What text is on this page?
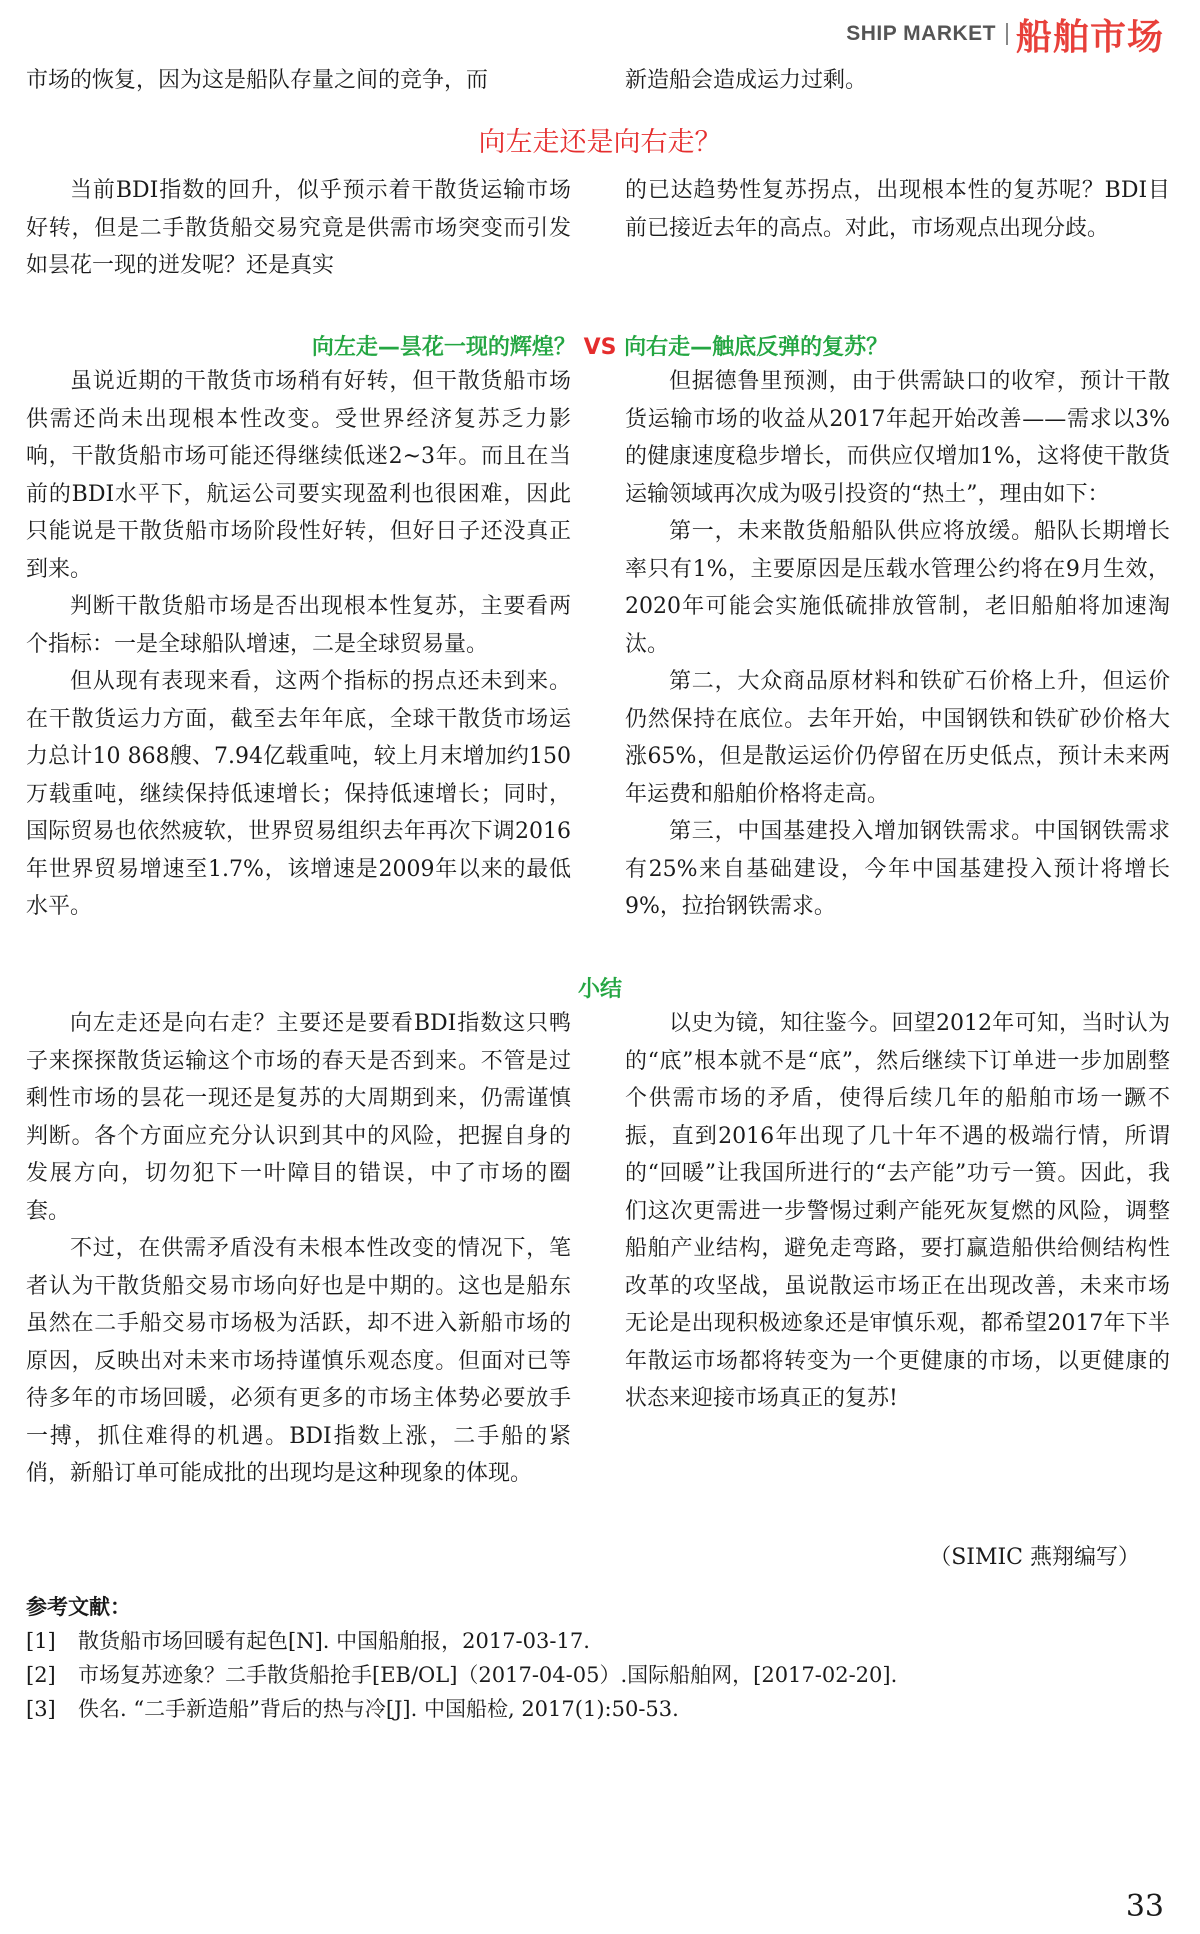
SHIP MARKET 船舶市场

市场的恢复，因为这是船队存量之间的竞争，而	新造船会造成运力过剩。

向左走还是向右走？

当前BDI指数的回升，似乎预示着干散货运输市场好转，但是二手散货船交易究竟是供需市场突变而引发如昙花一现的迸发呢？还是真实

的已达趋势性复苏拐点，出现根本性的复苏呢？BDI目前已接近去年的高点。对此，市场观点出现分歧。

向左走—昙花一现的辉煌？ VS 向右走—触底反弹的复苏？

虽说近期的干散货市场稍有好转，但干散货船市场供需还尚未出现根本性改变。受世界经济复苏乏力影响，干散货船市场可能还得继续低迷2~3年。而且在当前的BDI水平下，航运公司要实现盈利也很困难，因此只能说是干散货船市场阶段性好转，但好日子还没真正到来。

判断干散货船市场是否出现根本性复苏，主要看两个指标：一是全球船队增速，二是全球贸易量。

但从现有表现来看，这两个指标的拐点还未到来。在干散货运力方面，截至去年年底，全球干散货市场运力总计10 868艘、7.94亿载重吨，较上月末增加约150万载重吨，继续保持低速增长；保持低速增长；同时，国际贸易也依然疲软，世界贸易组织去年再次下调2016年世界贸易增速至1.7%，该增速是2009年以来的最低水平。

但据德鲁里预测，由于供需缺口的收窄，预计干散货运输市场的收益从2017年起开始改善——需求以3%的健康速度稳步增长，而供应仅增加1%，这将使干散货运输领域再次成为吸引投资的“热土”，理由如下：

第一，未来散货船船队供应将放缓。船队长期增长率只有1%，主要原因是压载水管理公约将在9月生效，2020年可能会实施低硫排放管制，老旧船舶将加速淘汰。

第二，大众商品原材料和铁矿石价格上升，但运价仍然保持在底位。去年开始，中国钢铁和铁矿砂价格大涨65%，但是散运运价仍停留在历史低点，预计未来两年运费和船舶价格将走高。

第三，中国基建投入增加钢铁需求。中国钢铁需求有25%来自基础建设，今年中国基建投入预计将增长9%，拉抬钢铁需求。

小结

向左走还是向右走？主要还是要看BDI指数这只鸭子来探探散货运输这个市场的春天是否到来。不管是过剩性市场的昙花一现还是复苏的大周期到来，仍需谨慎判断。各个方面应充分认识到其中的风险，把握自身的发展方向，切勿犯下一叶障目的错误，中了市场的圈套。

不过，在供需矛盾没有未根本性改变的情况下，笔者认为干散货船交易市场向好也是中期的。这也是船东虽然在二手船交易市场极为活跃，却不进入新船市场的原因，反映出对未来市场持谨慎乐观态度。但面对已等待多年的市场回暖，必须有更多的市场主体势必要放手一搏，抓住难得的机遇。BDI指数上涨，二手船的紧俏，新船订单可能成批的出现均是这种现象的体现。

以史为镜，知往鉴今。回望2012年可知，当时认为的“底”根本就不是“底”，然后继续下订单进一步加剧整个供需市场的矛盾，使得后续几年的船舶市场一蹶不振，直到2016年出现了几十年不遇的极端行情，所谓的“回暖”让我国所进行的“去产能”功亏一篑。因此，我们这次更需进一步警惕过剩产能死灰复燃的风险，调整船舶产业结构，避免走弯路，要打赢造船供给侧结构性改革的攻坚战，虽说散运市场正在出现改善，未来市场无论是出现积极迹象还是审慎乐观，都希望2017年下半年散运市场都将转变为一个更健康的市场，以更健康的状态来迎接市场真正的复苏!

（SIMIC 燕翔编写）
参考文献：
[1]	散货船市场回暖有起色[N]. 中国船舶报，2017-03-17.
[2]	市场复苏迹象？二手散货船抢手[EB/OL]（2017-04-05）.国际船舶网，[2017-02-20].
[3]	佚名. “二手新造船”背后的热与冷[J]. 中国船检, 2017(1):50-53.
33
